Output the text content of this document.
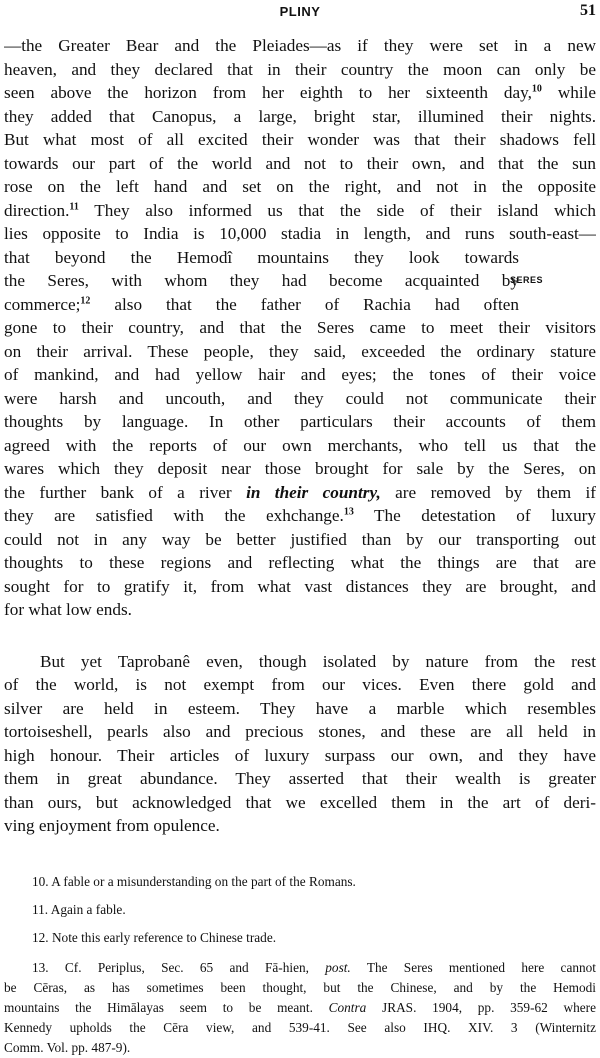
PLINY	51
SERES
—the Greater Bear and the Pleiades—as if they were set in a new
heaven, and they declared that in their country the moon can only be
seen above the horizon from her eighth to her sixteenth day,$^{10}$ while
they added that Canopus, a large, bright star, illumined their nights.
But what most of all excited their wonder was that their shadows fell
towards our part of the world and not to their own, and that the sun
rose on the left hand and set on the right, and not in the opposite
direction.$^{11}$ They also informed us that the side of their island which
lies opposite to India is 10,000 stadia in length, and runs south-east—
that beyond the Hemodî mountains they look towards
the Seres, with whom they had become acquainted by
commerce;$^{12}$ also that the father of Rachia had often
gone to their country, and that the Seres came to meet their visitors
on their arrival. These people, they said, exceeded the ordinary stature
of mankind, and had yellow hair and eyes; the tones of their voice
were harsh and uncouth, and they could not communicate their
thoughts by language. In other particulars their accounts of them
agreed with the reports of our own merchants, who tell us that the
wares which they deposit near those brought for sale by the Seres, on
the further bank of a river in their country, are removed by them if
they are satisfied with the exhchange.$^{13}$ The detestation of luxury
could not in any way be better justified than by our transporting out
thoughts to these regions and reflecting what the things are that are
sought for to gratify it, from what vast distances they are brought, and
for what low ends.
But yet Taprobanê even, though isolated by nature from the rest
of the world, is not exempt from our vices. Even there gold and
silver are held in esteem. They have a marble which resembles
tortoiseshell, pearls also and precious stones, and these are all held in
high honour. Their articles of luxury surpass our own, and they have
them in great abundance. They asserted that their wealth is greater
than ours, but acknowledged that we excelled them in the art of deri-
ving enjoyment from opulence.
10. A fable or a misunderstanding on the part of the Romans.
11. Again a fable.
12. Note this early reference to Chinese trade.
13. Cf. Periplus, Sec. 65 and Fā-hien, post. The Seres mentioned here cannot
be Cēras, as has sometimes been thought, but the Chinese, and by the Hemodi
mountains the Himālayas seem to be meant. Contra JRAS. 1904, pp. 359-62 where
Kennedy upholds the Cēra view, and 539-41. See also IHQ. XIV. 3 (Winternitz
Comm. Vol. pp. 487-9).
